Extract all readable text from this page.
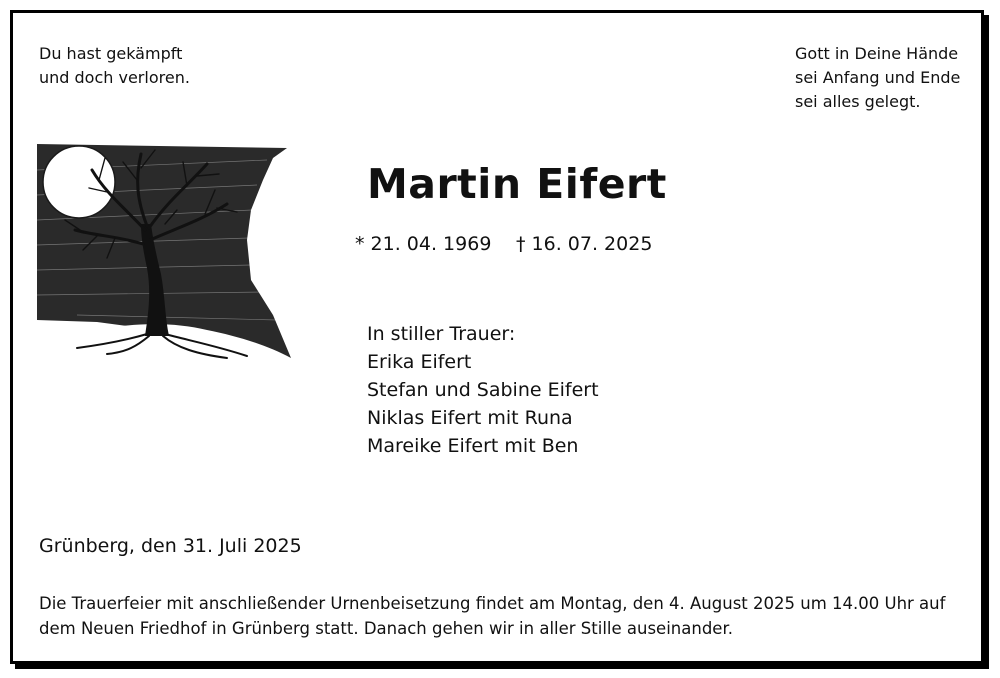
Du hast gekämpft
und doch verloren.
Gott in Deine Hände
sei Anfang und Ende
sei alles gelegt.
Martin Eifert
* 21. 04. 1969 † 16. 07. 2025
In stiller Trauer:
Erika Eifert
Stefan und Sabine Eifert
Niklas Eifert mit Runa
Mareike Eifert mit Ben
Grünberg, den 31. Juli 2025
Die Trauerfeier mit anschließender Urnenbeisetzung findet am Montag, den 4. August 2025 um 14.00 Uhr auf dem Neuen Friedhof in Grünberg statt. Danach gehen wir in aller Stille auseinander.
